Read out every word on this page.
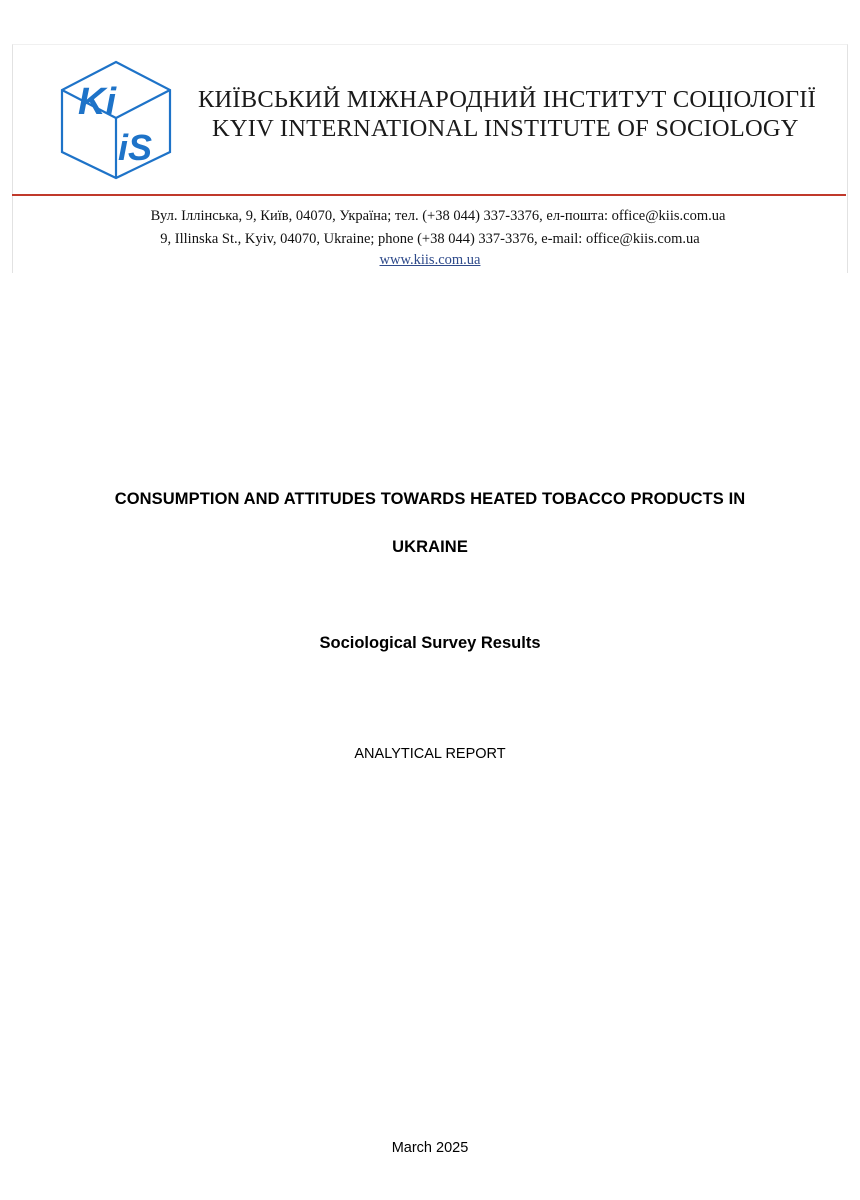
Ki
iS
КИЇВСЬКИЙ МІЖНАРОДНИЙ ІНСТИТУТ СОЦІОЛОГІЇ
KYIV INTERNATIONAL INSTITUTE OF SOCIOLOGY
Вул. Іллінська, 9, Київ, 04070, Україна; тел. (+38 044) 337-3376, ел-пошта: office@kiis.com.ua
9, Illinska St., Kyiv, 04070, Ukraine; phone (+38 044) 337-3376, e-mail: office@kiis.com.ua
www.kiis.com.ua
CONSUMPTION AND ATTITUDES TOWARDS HEATED TOBACCO PRODUCTS IN
UKRAINE
Sociological Survey Results
ANALYTICAL REPORT
March 2025
